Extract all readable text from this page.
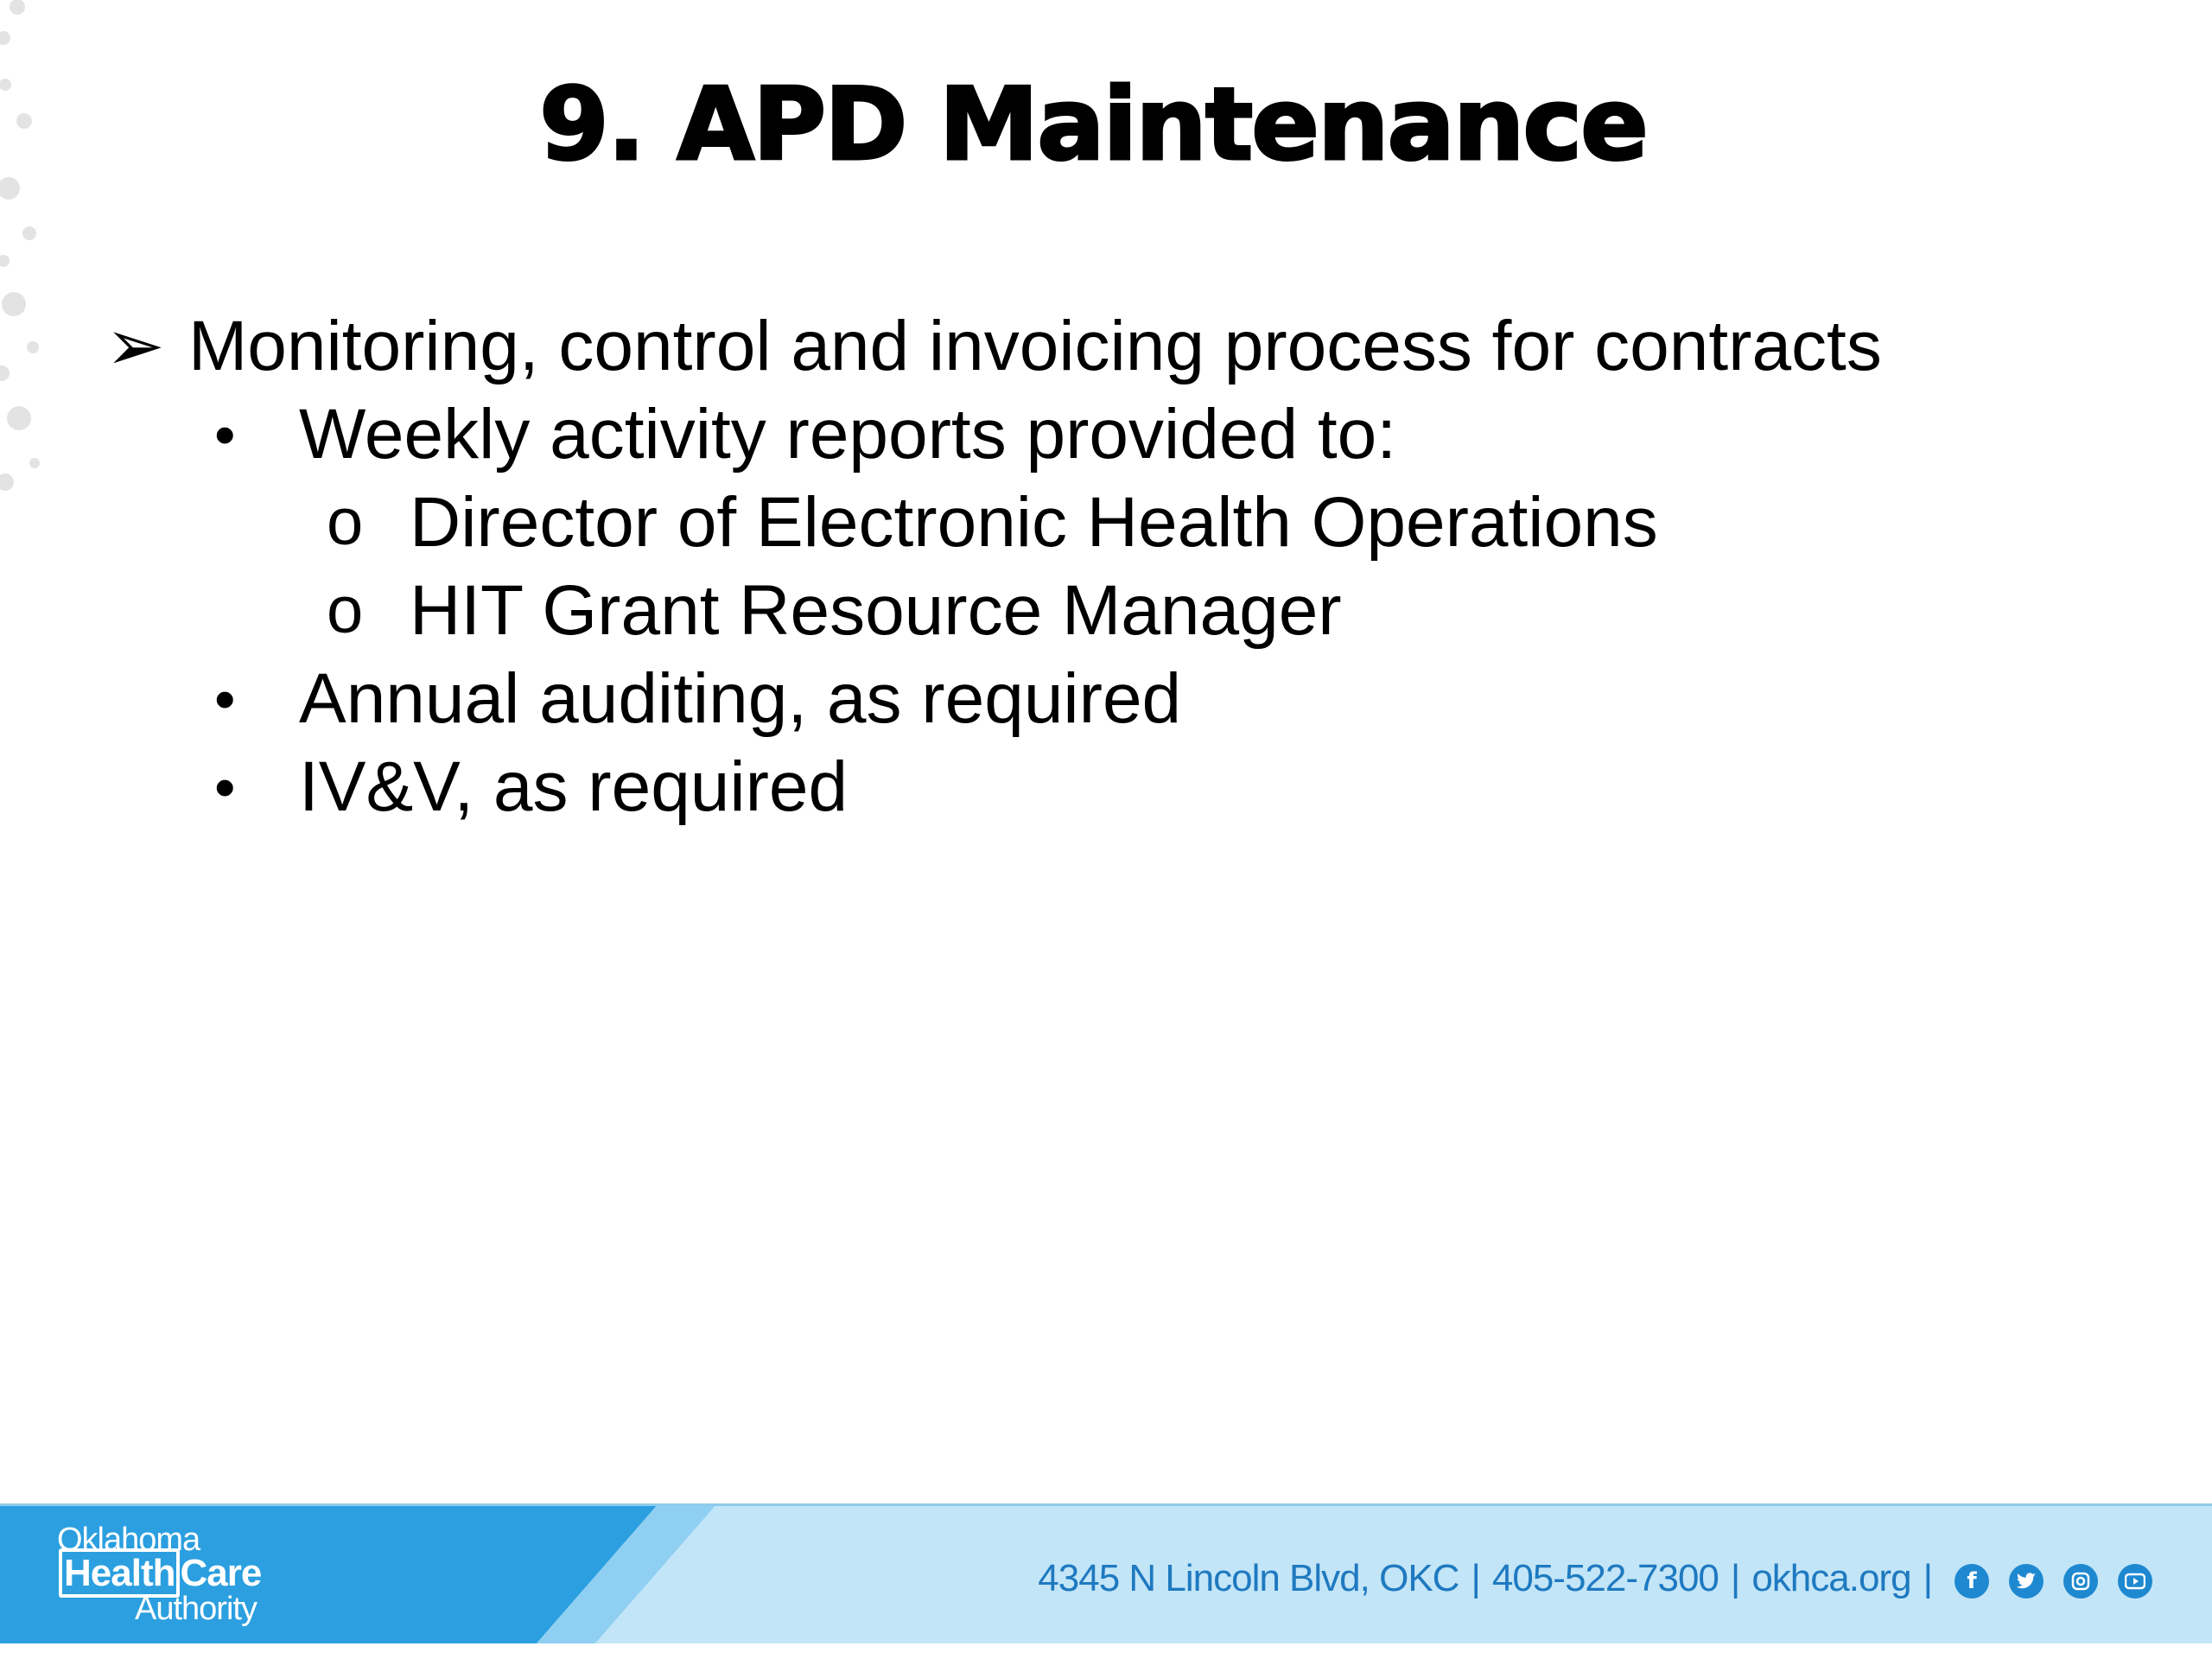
9. APD Maintenance
➢ Monitoring, control and invoicing process for contracts
• Weekly activity reports provided to:
o Director of Electronic Health Operations
o HIT Grant Resource Manager
• Annual auditing, as required
• IV&V, as required
Oklahoma
Health Care
Authority
4345 N Lincoln Blvd, OKC | 405-522-7300 | okhca.org |	f
